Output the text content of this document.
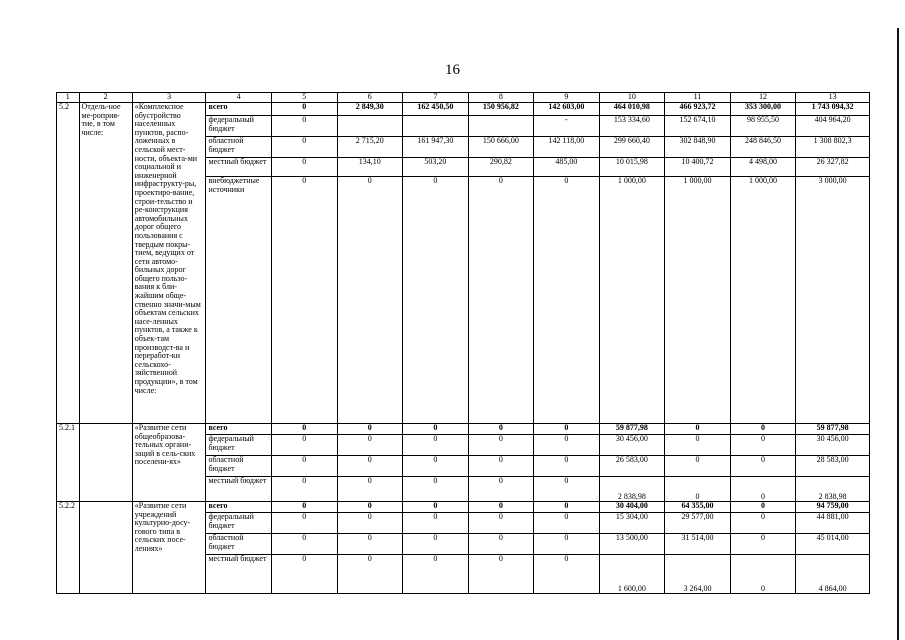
16
1	2	3	4	5	6	7	8	9	10	11	12	13
5.2	Отдель-ное ме-роприя-тие, в том числе:	«Комплексное обустройство населенных пунктов, распо-ложенных в сельской мест-ности, объекта-ми социальной и инженерной инфраструкту-ры, проектиро-вание, строи-тельство и ре-конструкция автомобильных дорог общего пользования с твердым покры-тием, ведущих от сети автомо-бильных дорог общего пользо-вания к бли-жайшим обще-ственно значи-мым объектам сельских насе-ленных пунктов, а также к объек-там производст-ва и переработ-ки сельскохо-зяйственной продукции», в том числе:	всего	0	2 849,30	162 450,50	150 956,82	142 603,00	464 010,98	466 923,72	353 300,00	1 743 094,32
			федеральный бюджет	0				-	153 334,60	152 674,10	98 955,50	404 964,20
			областной бюджет	0	2 715,20	161 947,30	150 666,00	142 118,00	299 660,40	302 848,90	248 846,50	1 308 802,3
			местный бюджет	0	134,10	503,20	290,82	485,00	10 015,98	10 400,72	4 498,00	26 327,82
			внебюджетные источники	0	0	0	0	0	1 000,00	1 000,00	1 000,00	3 000,00
5.2.1		«Развитие сети общеобразова-тельных органи-заций в сель-ских поселени-ях»	всего	0	0	0	0	0	59 877,98	0	0	59 877,98
			федеральный бюджет	0	0	0	0	0	30 456,00	0	0	30 456,00
			областной бюджет	0	0	0	0	0	26 583,00	0	0	28 583,00
			местный бюджет	0	0	0	0	0	2 838,98	0	0	2 838,98
5.2.2		«Развитие сети учреждений культурно-досу-гового типа в сельских посе-лениях»	всего	0	0	0	0	0	30 404,00	64 355,00	0	94 759,00
			федеральный бюджет	0	0	0	0	0	15 304,00	29 577,00	0	44 881,00
			областной бюджет	0	0	0	0	0	13 500,00	31 514,00	0	45 014,00
			местный бюджет	0	0	0	0	0	1 600,00	3 264,00	0	4 864,00
